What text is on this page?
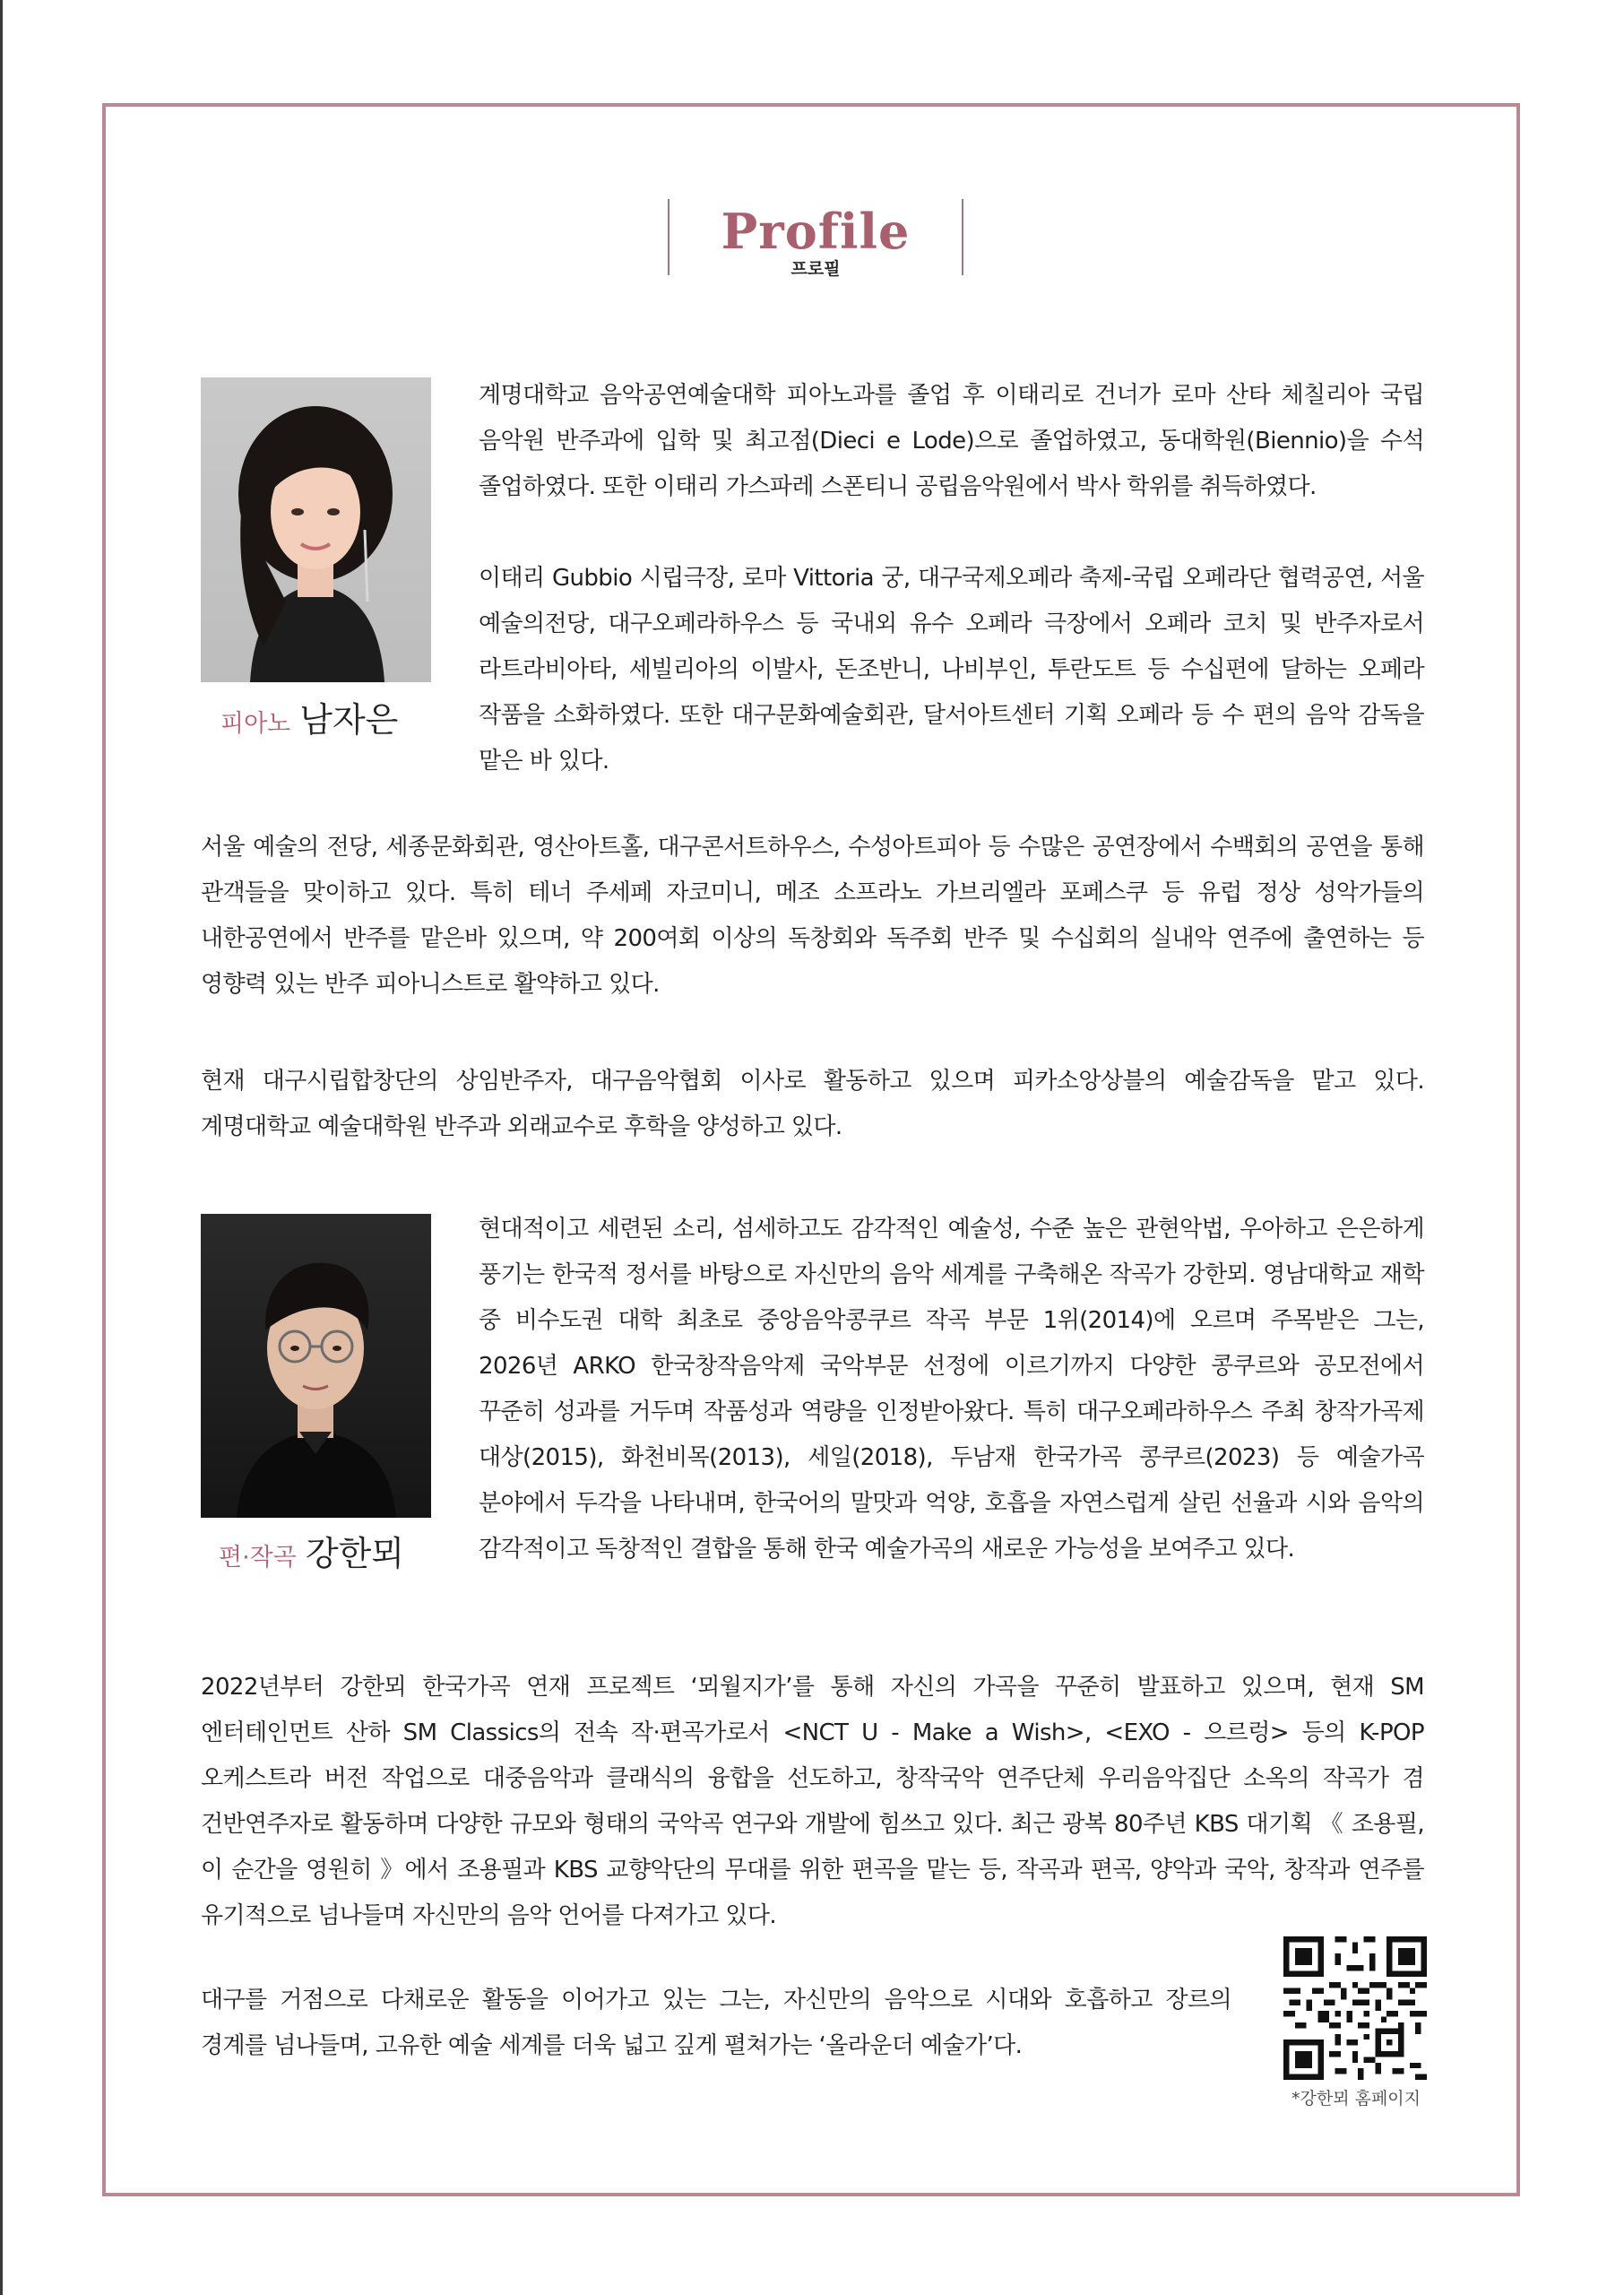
Profile
프로필
피아노 남자은

계명대학교 음악공연예술대학 피아노과를 졸업 후 이태리로 건너가 로마 산타 체칠리아 국립 음악원 반주과에 입학 및 최고점(Dieci e Lode)으로 졸업하였고, 동대학원(Biennio)을 수석 졸업하였다. 또한 이태리 가스파레 스폰티니 공립음악원에서 박사 학위를 취득하였다.

이태리 Gubbio 시립극장, 로마 Vittoria 궁, 대구국제오페라 축제-국립 오페라단 협력공연, 서울 예술의전당, 대구오페라하우스 등 국내외 유수 오페라 극장에서 오페라 코치 및 반주자로서 라트라비아타, 세빌리아의 이발사, 돈조반니, 나비부인, 투란도트 등 수십편에 달하는 오페라 작품을 소화하였다. 또한 대구문화예술회관, 달서아트센터 기획 오페라 등 수 편의 음악 감독을 맡은 바 있다.

서울 예술의 전당, 세종문화회관, 영산아트홀, 대구콘서트하우스, 수성아트피아 등 수많은 공연장에서 수백회의 공연을 통해 관객들을 맞이하고 있다. 특히 테너 주세페 자코미니, 메조 소프라노 가브리엘라 포페스쿠 등 유럽 정상 성악가들의 내한공연에서 반주를 맡은바 있으며, 약 200여회 이상의 독창회와 독주회 반주 및 수십회의 실내악 연주에 출연하는 등 영향력 있는 반주 피아니스트로 활약하고 있다.

현재 대구시립합창단의 상임반주자, 대구음악협회 이사로 활동하고 있으며 피카소앙상블의 예술감독을 맡고 있다. 계명대학교 예술대학원 반주과 외래교수로 후학을 양성하고 있다.

편·작곡 강한뫼

현대적이고 세련된 소리, 섬세하고도 감각적인 예술성, 수준 높은 관현악법, 우아하고 은은하게 풍기는 한국적 정서를 바탕으로 자신만의 음악 세계를 구축해온 작곡가 강한뫼. 영남대학교 재학 중 비수도권 대학 최초로 중앙음악콩쿠르 작곡 부문 1위(2014)에 오르며 주목받은 그는, 2026년 ARKO 한국창작음악제 국악부문 선정에 이르기까지 다양한 콩쿠르와 공모전에서 꾸준히 성과를 거두며 작품성과 역량을 인정받아왔다. 특히 대구오페라하우스 주최 창작가곡제 대상(2015), 화천비목(2013), 세일(2018), 두남재 한국가곡 콩쿠르(2023) 등 예술가곡 분야에서 두각을 나타내며, 한국어의 말맛과 억양, 호흡을 자연스럽게 살린 선율과 시와 음악의 감각적이고 독창적인 결합을 통해 한국 예술가곡의 새로운 가능성을 보여주고 있다.

2022년부터 강한뫼 한국가곡 연재 프로젝트 ‘뫼월지가’를 통해 자신의 가곡을 꾸준히 발표하고 있으며, 현재 SM 엔터테인먼트 산하 SM Classics의 전속 작·편곡가로서 <NCT U - Make a Wish>, <EXO - 으르렁> 등의 K-POP 오케스트라 버전 작업으로 대중음악과 클래식의 융합을 선도하고, 창작국악 연주단체 우리음악집단 소옥의 작곡가 겸 건반연주자로 활동하며 다양한 규모와 형태의 국악곡 연구와 개발에 힘쓰고 있다. 최근 광복 80주년 KBS 대기획 《 조용필, 이 순간을 영원히 》에서 조용필과 KBS 교향악단의 무대를 위한 편곡을 맡는 등, 작곡과 편곡, 양악과 국악, 창작과 연주를 유기적으로 넘나들며 자신만의 음악 언어를 다져가고 있다.

대구를 거점으로 다채로운 활동을 이어가고 있는 그는, 자신만의 음악으로 시대와 호흡하고 장르의 경계를 넘나들며, 고유한 예술 세계를 더욱 넓고 깊게 펼쳐가는 ‘올라운더 예술가’다.

*강한뫼 홈페이지
